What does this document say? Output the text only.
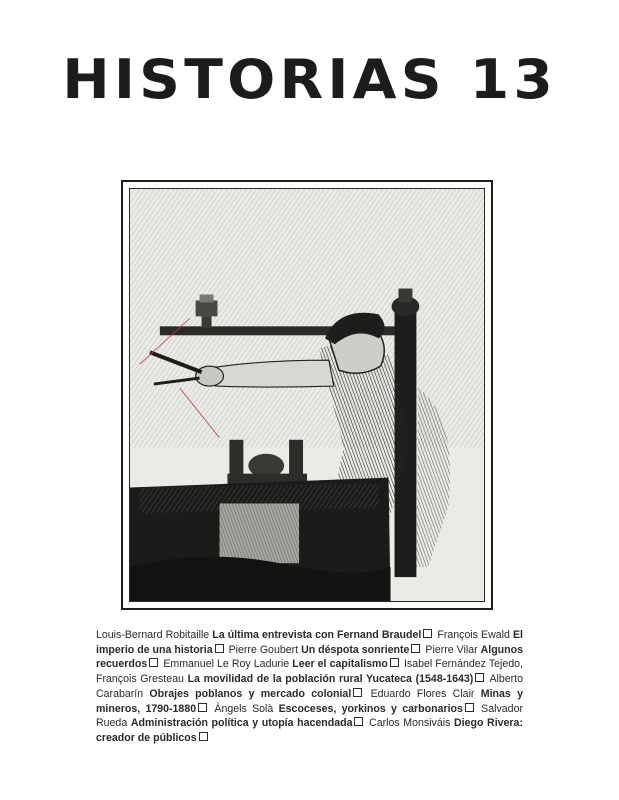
HISTORIAS 13
Louis-Bernard Robitaille La última entrevista con Fernand Braudel François Ewald El imperio de una historia Pierre Goubert Un déspota sonriente Pierre Vilar Algunos recuerdos Emmanuel Le Roy Ladurie Leer el capitalismo Isabel Fernández Tejedo, François Gresteau La movilidad de la población rural Yucateca (1548-1643) Alberto Carabarín Obrajes poblanos y mercado colonial Eduardo Flores Clair Minas y mineros, 1790-1880 Àngels Solà Escoceses, yorkinos y carbonarios Salvador Rueda Administración política y utopía hacendada Carlos Monsiváis Diego Rivera: creador de públicos
